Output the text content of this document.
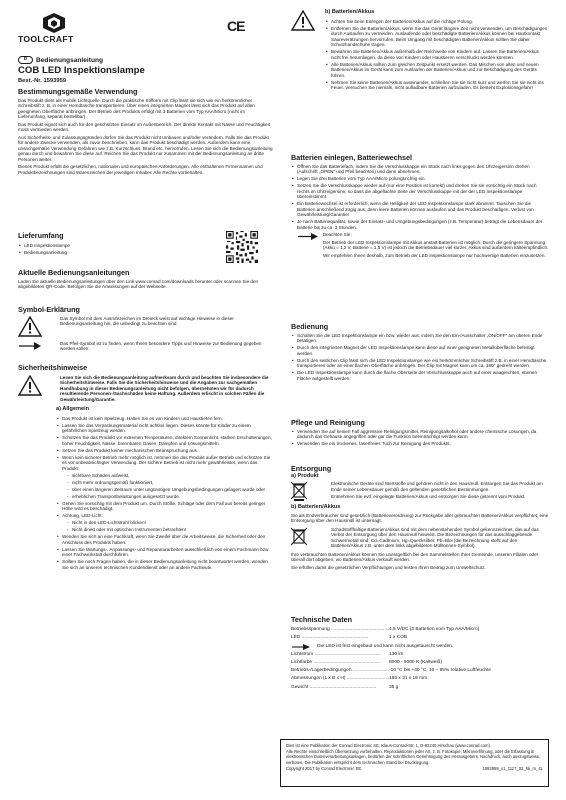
TOOLCRAFT
CE
D	Bedienungsanleitung
COB LED Inspektionslampe
Best.-Nr. 1593959
Bestimmungsgemäße Verwendung

Das Produkt dient als mobile Lichtquelle. Durch die praktische Stifform mit Clip lässt sie sich wie ein herkömmlicher Schreibstift z. B. in einer Hemdtasche transportieren. Über einen integrierten Magnet lässt sich das Produkt auf allen geeigneten Oberfläche anbringen. Der Betrieb des Produkts erfolgt mit 3 Batterien vom Typ AAA/Micro (nicht im Lieferumfang, separat bestellbar).

Das Produkt eignet sich auch für den geschützten Einsatz im Außenbereich. Der direkte Kontakt mit Nässe und Feuchtigkeit muss vermieden werden.

Aus Sicherheits- und Zulassungsgründen dürfen Sie das Produkt nicht umbauen und/oder verändern. Falls Sie das Produkt für andere Zwecke verwenden, als zuvor beschrieben, kann das Produkt beschädigt werden. Außerdem kann eine unsachgemäße Verwendung Gefahren wie z.B. Kurzschluss, Brand etc. hervorrufen. Lesen Sie sich die Bedienungsanleitung genau durch und bewahren Sie diese auf. Reichen Sie das Produkt nur zusammen mit der Bedienungsanleitung an dritte Personen weiter.

Dieses Produkt erfüllt die gesetzlichen, nationalen und europäischen Anforderungen. Alle enthaltenen Firmennamen und Produktbezeichnungen sind Warenzeichen der jeweiligen Inhaber. Alle Rechte vorbehalten.

Lieferumfang
• LED Inspektionslampe
• Bedienungsanleitung
Aktuelle Bedienungsanleitungen

Laden Sie aktuelle Bedienungsanleitungen über den Link www.conrad.com/downloads herunter oder scannen Sie den abgebildeten QR-Code. Befolgen Sie die Anweisungen auf der Webseite.

Symbol-Erklärung

Das Symbol mit dem Ausrufezeichen im Dreieck weist auf wichtige Hinweise in dieser Bedienungsanleitung hin, die unbedingt zu beachten sind.

Das Pfeil-Symbol ist zu finden, wenn Ihnen besondere Tipps und Hinweise zur Bedienung gegeben werden sollen.

Sicherheitshinweise

Lesen Sie sich die Bedienungsanleitung aufmerksam durch und beachten Sie insbesondere die Sicherheitshinweise. Falls Sie die Sicherheitshinweise und die Angaben zur sachgemäßen Handhabung in dieser Bedienungsanleitung nicht befolgen, übernehmen wir für dadurch resultierende Personen-/Sachschäden keine Haftung. Außerdem erlischt in solchen Fällen die Gewährleistung/Garantie.

a) Allgemein
• Das Produkt ist kein Spielzeug. Halten Sie es von Kindern und Haustieren fern.
• Lassen Sie das Verpackungsmaterial nicht achtlos liegen. Dieses könnte für Kinder zu einem gefährlichen Spielzeug werden.
• Schützen Sie das Produkt vor extremen Temperaturen, direktem Sonnenlicht, starken Erschütterungen, hoher Feuchtigkeit, Nässe, brennbaren Gasen, Dämpfen und Lösungsmitteln.
• Setzen Sie das Produkt keiner mechanischen Beanspruchung aus.
• Wenn kein sicherer Betrieb mehr möglich ist, nehmen Sie das Produkt außer Betrieb und schützen Sie es vor unbeabsichtigter Verwendung. Der sichere Betrieb ist nicht mehr gewährleistet, wenn das Produkt:
- sichtbare Schäden aufweist,
- nicht mehr ordnungsgemäß funktioniert,
- über einen längeren Zeitraum unter ungünstigen Umgebungsbedingungen gelagert wurde oder
- erheblichen Transportbelastungen ausgesetzt wurde.
• Gehen Sie vorsichtig mit dem Produkt um. Durch Stöße, Schläge oder dem Fall aus bereits geringer Höhe wird es beschädigt.
• Achtung, LED-Licht:
- Nicht in den LED-Lichtstrahl blicken!
- Nicht direkt oder mit optischen Instrumenten betrachten!
• Wenden Sie sich an eine Fachkraft, wenn Sie Zweifel über die Arbeitsweise, die Sicherheit oder den Anschluss des Produkts haben.
• Lassen Sie Wartungs-, Anpassungs- und Reparaturarbeiten ausschließlich von einem Fachmann bzw. einer Fachwerkstatt durchführen.
• Sollten Sie noch Fragen haben, die in dieser Bedienungsanleitung nicht beantwortet werden, wenden Sie sich an unseren technischen Kundendienst oder an andere Fachleute.
b) Batterien/Akkus
• Achten Sie beim Einlegen der Batterien/Akkus auf die richtige Polung.
• Entfernen Sie die Batterien/Akkus, wenn Sie das Gerät längere Zeit nicht verwenden, um Beschädigungen durch Auslaufen zu vermeiden. Auslaufende oder beschädigte Batterien/Akkus können bei Hautkontakt Säureverätzungen hervorrufen. Beim Umgang mit beschädigten Batterien/Akkus sollten Sie daher Schutzhandschuhe tragen.
• Bewahren Sie Batterien/Akkus außerhalb der Reichweite von Kindern auf. Lassen Sie Batterien/Akkus nicht frei herumliegen, da diese von Kindern oder Haustieren verschluckt werden könnten.
• Alle Batterien/Akkus sollten zum gleichen Zeitpunkt ersetzt werden. Das Mischen von alten und neuen Batterien/Akkus im Gerät kann zum Auslaufen der Batterien/Akkus und zur Beschädigung des Geräts führen.
• Nehmen Sie keine Batterien/Akkus auseinander, schließen Sie sie nicht kurz und werfen Sie sie nicht ins Feuer. Versuchen Sie niemals, nicht aufladbare Batterien aufzuladen. Es besteht Explosionsgefahr!
Batterien einlegen, Batteriewechsel
• Öffnen Sie das Batteriefach, indem Sie die Verschlusskappe ein Stück nach links gegen den Uhrzeigersinn drehen (Aufschrift „OPEN“ und Pfeil beachten) und dann abnehmen.
• Legen Sie drei Batterien vom Typ AAA/Micro polungsrichtig ein.
• Setzen Sie die Verschlusskappe wieder auf (nur eine Position ist korrekt) und drehen Sie sie vorsichtig ein Stück nach rechts im Uhrzeigersinn, so dass die abgeflachte Seite der Verschlusskappe mit der der LED Inspektionslampe übereinstimmt.
• Ein Batteriewechsel ist erforderlich, wenn die Helligkeit der LED Inspektionslampe stark abnimmt. Tauschen Sie die Batterien anschließend zügig aus, denn leere Batterien können auslaufen und das Produkt beschädigen. Verlust von Gewährleistung/Garantie!
• Je nach Batteriequalität, sowie der Einsatz- und Umgebungsbedingungen (z.B. Temperatur) beträgt die Lebensdauer der Batterie bis zu ca. 3 Stunden.

Beachten Sie:

Der Betrieb der LED Inspektionslampe mit Akkus anstatt Batterien ist möglich. Durch die geringere Spannung (Akku = 1,2 V, Batterie = 1,5 V) ist jedoch die Betriebsdauer viel kürzer. Akkus sind außerdem kälteempfindlich.

Wir empfehlen Ihnen deshalb, zum Betrieb der LED Inspektionslampe nur hochwertige Batterien einzusetzen.

Bedienung
• Schalten Sie die LED Inspektionslampe ein bzw. wieder aus, indem Sie den Ein-/Ausschalter „ON/OFF“ am oberen Ende betätigen.
• Durch den integrierten Magnet der LED Inspektionslampe kann diese auf einer geeigneten Metalloberfläche befestigt werden.
• Durch den seitlichen Clip lässt sich die LED Inspektionslampe wie ein herkömmlicher Schreibstift z.B. in einer Hemdtasche transportieren oder an einer flachen Oberfläche anbringen. Der Clip mit Magnet kann um ca. 180° gedreht werden.
• Die LED Inspektionslampe kann durch die flache Oberseite der Verschlusskappe auch auf einer waagrechten, ebenen Fläche aufgestellt werden.
Pflege und Reinigung
• Verwenden Sie auf keinen Fall aggressive Reinigungsmittel, Reinigungsalkohol oder andere chemische Lösungen, da dadurch das Gehäuse angegriffen oder gar die Funktion beeinträchtigt werden kann.
• Verwenden Sie ein trockenes, faserfreies Tuch zur Reinigung des Produkts.
Entsorgung
a) Produkt

Elektronische Geräte sind Wertstoffe und gehören nicht in den Hausmüll. Entsorgen Sie das Produkt am Ende seiner Lebensdauer gemäß den geltenden gesetzlichen Bestimmungen.

Entnehmen Sie evtl. eingelegte Batterien/Akkus und entsorgen Sie diese getrennt vom Produkt.

b) Batterien/Akkus

Sie als Endverbraucher sind gesetzlich (Batterieverordnung) zur Rückgabe aller gebrauchten Batterien/Akkus verpflichtet; eine Entsorgung über den Hausmüll ist untersagt.

Schadstoffhaltige Batterien/Akkus sind mit dem nebenstehenden Symbol gekennzeichnet, das auf das Verbot der Entsorgung über den Hausmüll hinweist. Die Bezeichnungen für das ausschlaggebende Schwermetall sind: Cd=Cadmium, Hg=Quecksilber, Pb=Blei (die Bezeichnung steht auf den Batterien/Akkus z.B. unter dem links abgebildeten Mülltonnen-Symbol).

Ihre verbrauchten Batterien/Akkus können Sie unentgeltlich bei den Sammelstellen Ihrer Gemeinde, unseren Filialen oder überall dort abgeben, wo Batterien/Akkus verkauft werden.

Sie erfüllen damit die gesetzlichen Verpflichtungen und leisten Ihren Beitrag zum Umweltschutz.

Technische Daten
Betriebsspannung .....	4,5 V/DC (3 Batterien vom Typ AAA/Micro)
LED .....	1 x COB
Die LED ist fest eingebaut und kann nicht ausgetauscht werden.
Lichtstrom .....	130 lm
Lichtfarbe .....	6000 - 9000 K (Kaltweiß)
Betriebs-/Lagerbedingungen .....	-10 °C bis +40 °C, 10 – 85% relative Luftfeuchte
Abmessungen (L x B x H) .....	165 x 31 x 19 mm
Gewicht .....	35 g

Dies ist eine Publikation der Conrad Electronic SE, Klaus-Conrad-Str. 1, D-92240 Hirschau (www.conrad.com).

Alle Rechte einschließlich Übersetzung vorbehalten. Reproduktionen jeder Art, z. B. Fotokopie, Mikroverfilmung, oder die Erfassung in elektronischen Datenverarbeitungsanlagen, bedürfen der schriftlichen Genehmigung des Herausgebers. Nachdruck, auch auszugsweise, verboten. Die Publikation entspricht dem technischen Stand bei Drucklegung.

Copyright 2017 by Conrad Electronic SE.	1593959_v1_1117_02_hk_m_4L
